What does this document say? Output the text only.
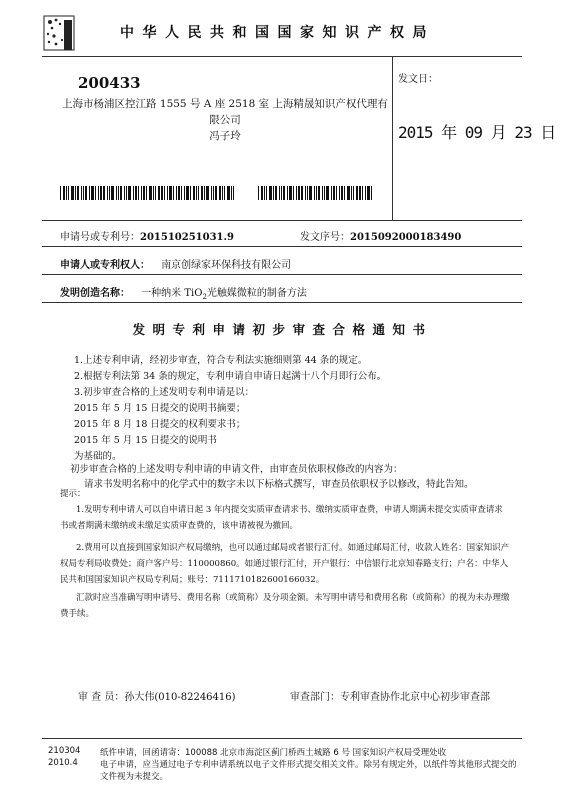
中华人民共和国国家知识产权局
200433
上海市杨浦区控江路 1555 号 A 座 2518 室 上海精晟知识产权代理有
限公司
冯子玲
发文日：
2015 年 09 月 23 日
申请号或专利号：201510251031.9	发文序号：2015092000183490
申请人或专利权人： 南京创绿家环保科技有限公司
发明创造名称： 一种纳米 TiO$_2$光触媒微粒的制备方法
发明专利申请初步审查合格通知书
1.上述专利申请，经初步审查，符合专利法实施细则第 44 条的规定。
2.根据专利法第 34 条的规定，专利申请自申请日起满十八个月即行公布。
3.初步审查合格的上述发明专利申请是以：
2015 年 5 月 15 日提交的说明书摘要；
2015 年 8 月 18 日提交的权利要求书；
2015 年 5 月 15 日提交的说明书
为基础的。
初步审查合格的上述发明专利申请的申请文件，由审查员依职权修改的内容为：
请求书发明名称中的化学式中的数字未以下标格式撰写，审查员依职权予以修改，特此告知。
提示：
1.发明专利申请人可以自申请日起 3 年内提交实质审查请求书、缴纳实质审查费，申请人期满未提交实质审查请求书或者期满未缴纳或未缴足实质审查费的，该申请被视为撤回。
2.费用可以直接到国家知识产权局缴纳，也可以通过邮局或者银行汇付。如通过邮局汇付，收款人姓名：国家知识产权局专利局收费处；商户客户号：110000860。如通过银行汇付，开户银行：中信银行北京知春路支行；户名：中华人民共和国国家知识产权局专利局；账号：7111710182600166032。
汇款时应当准确写明申请号、费用名称（或简称）及分项金额。未写明申请号和费用名称（或简称）的视为未办理缴费手续。
审 查 员：孙大伟(010-82246416)	审查部门：专利审查协作北京中心初步审查部
210304
2010.4
纸件申请，回函请寄：100088 北京市海淀区蓟门桥西土城路 6 号 国家知识产权局受理处收
电子申请，应当通过电子专利申请系统以电子文件形式提交相关文件。除另有规定外，以纸件等其他形式提交的
文件视为未提交。
